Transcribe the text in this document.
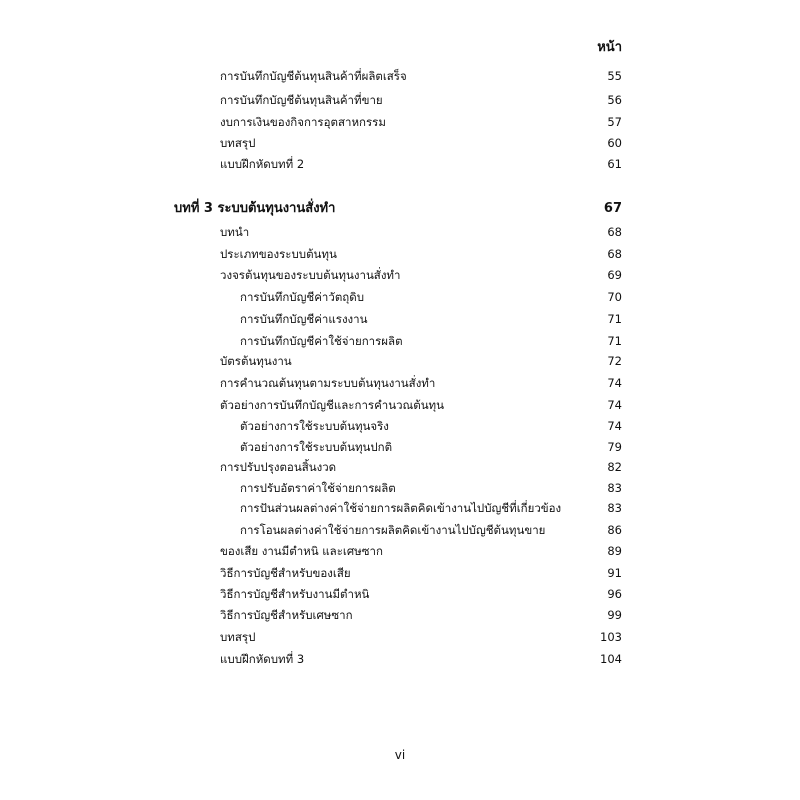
หน้า
การบันทึกบัญชีต้นทุนสินค้าที่ผลิตเสร็จ	55
การบันทึกบัญชีต้นทุนสินค้าที่ขาย	56
งบการเงินของกิจการอุตสาหกรรม	57
บทสรุป	60
แบบฝึกหัดบทที่ 2	61
บทที่ 3 ระบบต้นทุนงานสั่งทำ	67
บทนำ	68
ประเภทของระบบต้นทุน	68
วงจรต้นทุนของระบบต้นทุนงานสั่งทำ	69
การบันทึกบัญชีค่าวัตถุดิบ	70
การบันทึกบัญชีค่าแรงงาน	71
การบันทึกบัญชีค่าใช้จ่ายการผลิต	71
บัตรต้นทุนงาน	72
การคำนวณต้นทุนตามระบบต้นทุนงานสั่งทำ	74
ตัวอย่างการบันทึกบัญชีและการคำนวณต้นทุน	74
ตัวอย่างการใช้ระบบต้นทุนจริง	74
ตัวอย่างการใช้ระบบต้นทุนปกติ	79
การปรับปรุงตอนสิ้นงวด	82
การปรับอัตราค่าใช้จ่ายการผลิต	83
การปันส่วนผลต่างค่าใช้จ่ายการผลิตคิดเข้างานไปบัญชีที่เกี่ยวข้อง	83
การโอนผลต่างค่าใช้จ่ายการผลิตคิดเข้างานไปบัญชีต้นทุนขาย	86
ของเสีย งานมีตำหนิ และเศษซาก	89
วิธีการบัญชีสำหรับของเสีย	91
วิธีการบัญชีสำหรับงานมีตำหนิ	96
วิธีการบัญชีสำหรับเศษซาก	99
บทสรุป	103
แบบฝึกหัดบทที่ 3	104
vi
